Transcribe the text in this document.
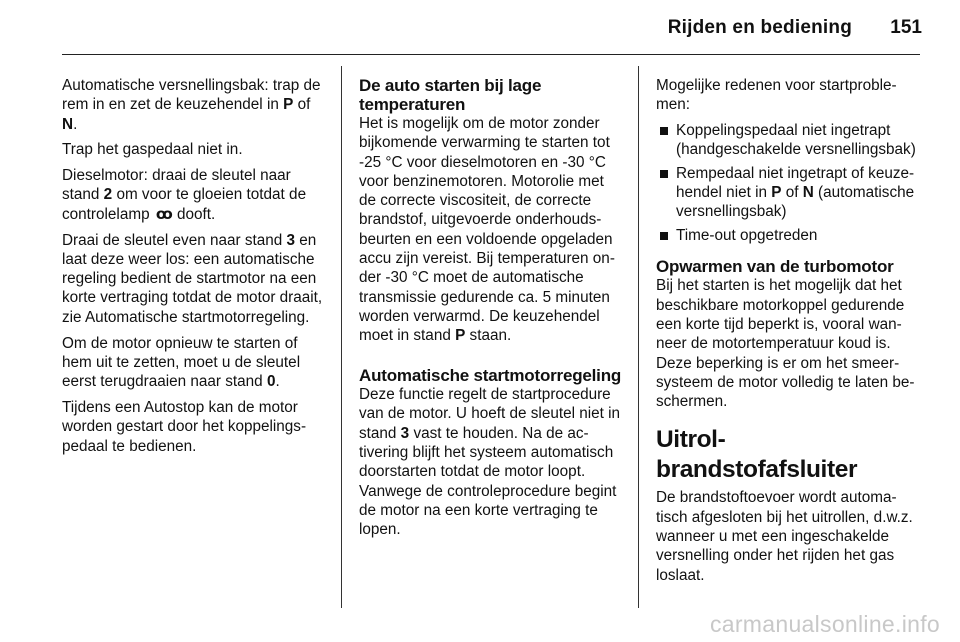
Rijden en bediening 151

Automatische versnellingsbak: trap de rem in en zet de keuzehendel in P of N.

Trap het gaspedaal niet in.

Dieselmotor: draai de sleutel naar stand 2 om voor te gloeien totdat de controlelamp ꝏ dooft.

Draai de sleutel even naar stand 3 en laat deze weer los: een automatische regeling bedient de startmotor na een korte vertraging totdat de motor draait, zie Automatische startmotorregeling.

Om de motor opnieuw te starten of hem uit te zetten, moet u de sleutel eerst terugdraaien naar stand 0.

Tijdens een Autostop kan de motor worden gestart door het koppelingspedaal te bedienen.

De auto starten bij lage temperaturen

Het is mogelijk om de motor zonder bijkomende verwarming te starten tot -25 °C voor dieselmotoren en -30 °C voor benzinemotoren. Motorolie met de correcte viscositeit, de correcte brandstof, uitgevoerde onderhoudsbeurten en een voldoende opgeladen accu zijn vereist. Bij temperaturen onder -30 °C moet de automatische transmissie gedurende ca. 5 minuten worden verwarmd. De keuzehendel moet in stand P staan.

Automatische startmotorregeling

Deze functie regelt de startprocedure van de motor. U hoeft de sleutel niet in stand 3 vast te houden. Na de activering blijft het systeem automatisch doorstarten totdat de motor loopt. Vanwege de controleprocedure begint de motor na een korte vertraging te lopen.

Mogelijke redenen voor startproblemen:

Koppelingspedaal niet ingetrapt (handgeschakelde versnellingsbak)
Rempedaal niet ingetrapt of keuzehendel niet in P of N (automatische versnellingsbak)
Time-out opgetreden
Opwarmen van de turbomotor

Bij het starten is het mogelijk dat het beschikbare motorkoppel gedurende een korte tijd beperkt is, vooral wanneer de motortemperatuur koud is. Deze beperking is er om het smeersysteem de motor volledig te laten beschermen.

Uitrol-brandstofafsluiter

De brandstoftoevoer wordt automatisch afgesloten bij het uitrollen, d.w.z. wanneer u met een ingeschakelde versnelling onder het rijden het gas loslaat.

carmanualsonline.info
